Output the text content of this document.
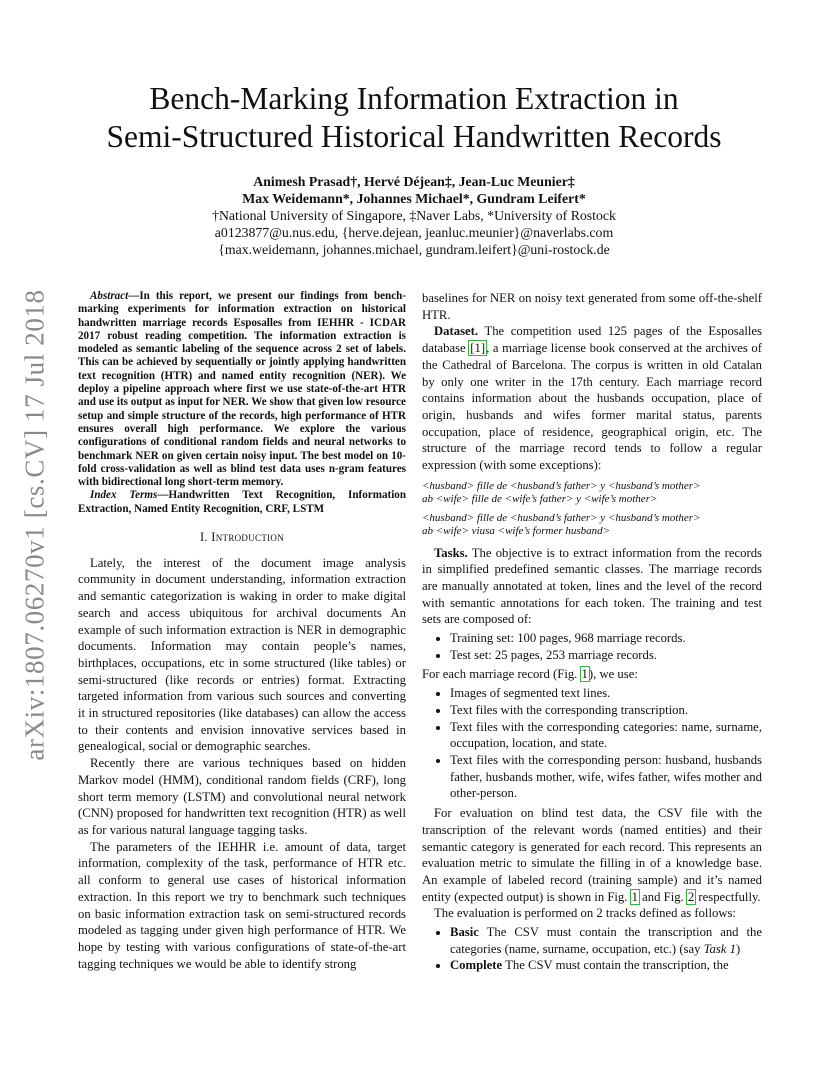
arXiv:1807.06270v1 [cs.CV] 17 Jul 2018
Bench-Marking Information Extraction in
Semi-Structured Historical Handwritten Records
Animesh Prasad†, Hervé Déjean‡, Jean-Luc Meunier‡
Max Weidemann*, Johannes Michael*, Gundram Leifert*
†National University of Singapore, ‡Naver Labs, *University of Rostock
a0123877@u.nus.edu, {herve.dejean, jeanluc.meunier}@naverlabs.com
{max.weidemann, johannes.michael, gundram.leifert}@uni-rostock.de

Abstract—In this report, we present our findings from bench-marking experiments for information extraction on historical handwritten marriage records Esposalles from IEHHR - ICDAR 2017 robust reading competition. The information extraction is modeled as semantic labeling of the sequence across 2 set of labels. This can be achieved by sequentially or jointly applying handwritten text recognition (HTR) and named entity recognition (NER). We deploy a pipeline approach where first we use state-of-the-art HTR and use its output as input for NER. We show that given low resource setup and simple structure of the records, high performance of HTR ensures overall high performance. We explore the various configurations of conditional random fields and neural networks to benchmark NER on given certain noisy input. The best model on 10-fold cross-validation as well as blind test data uses n-gram features with bidirectional long short-term memory.

Index Terms—Handwritten Text Recognition, Information Extraction, Named Entity Recognition, CRF, LSTM

I. Introduction

Lately, the interest of the document image analysis community in document understanding, information extraction and semantic categorization is waking in order to make digital search and access ubiquitous for archival documents An example of such information extraction is NER in demographic documents. Information may contain people’s names, birthplaces, occupations, etc in some structured (like tables) or semi-structured (like records or entries) format. Extracting targeted information from various such sources and converting it in structured repositories (like databases) can allow the access to their contents and envision innovative services based in genealogical, social or demographic searches.

Recently there are various techniques based on hidden Markov model (HMM), conditional random fields (CRF), long short term memory (LSTM) and convolutional neural network (CNN) proposed for handwritten text recognition (HTR) as well as for various natural language tagging tasks.

The parameters of the IEHHR i.e. amount of data, target information, complexity of the task, performance of HTR etc. all conform to general use cases of historical information extraction. In this report we try to benchmark such techniques on basic information extraction task on semi-structured records modeled as tagging under given high performance of HTR. We hope by testing with various configurations of state-of-the-art tagging techniques we would be able to identify strong

baselines for NER on noisy text generated from some off-the-shelf HTR.

Dataset. The competition used 125 pages of the Esposalles database [1], a marriage license book conserved at the archives of the Cathedral of Barcelona. The corpus is written in old Catalan by only one writer in the 17th century. Each marriage record contains information about the husbands occupation, place of origin, husbands and wifes former marital status, parents occupation, place of residence, geographical origin, etc. The structure of the marriage record tends to follow a regular expression (with some exceptions):

<husband> fille de <husband’s father> y <husband’s mother>
ab <wife> fille de <wife’s father> y <wife’s mother>
<husband> fille de <husband’s father> y <husband’s mother>
ab <wife> viusa <wife’s former husband>

Tasks. The objective is to extract information from the records in simplified predefined semantic classes. The marriage records are manually annotated at token, lines and the level of the record with semantic annotations for each token. The training and test sets are composed of:

• Training set: 100 pages, 968 marriage records.
• Test set: 25 pages, 253 marriage records.

For each marriage record (Fig. 1), we use:

• Images of segmented text lines.
• Text files with the corresponding transcription.
• Text files with the corresponding categories: name, surname, occupation, location, and state.
• Text files with the corresponding person: husband, husbands father, husbands mother, wife, wifes father, wifes mother and other-person.

For evaluation on blind test data, the CSV file with the transcription of the relevant words (named entities) and their semantic category is generated for each record. This represents an evaluation metric to simulate the filling in of a knowledge base. An example of labeled record (training sample) and it’s named entity (expected output) is shown in Fig. 1 and Fig. 2 respectfully.

The evaluation is performed on 2 tracks defined as follows:

• Basic The CSV must contain the transcription and the categories (name, surname, occupation, etc.) (say Task 1)
• Complete The CSV must contain the transcription, the
